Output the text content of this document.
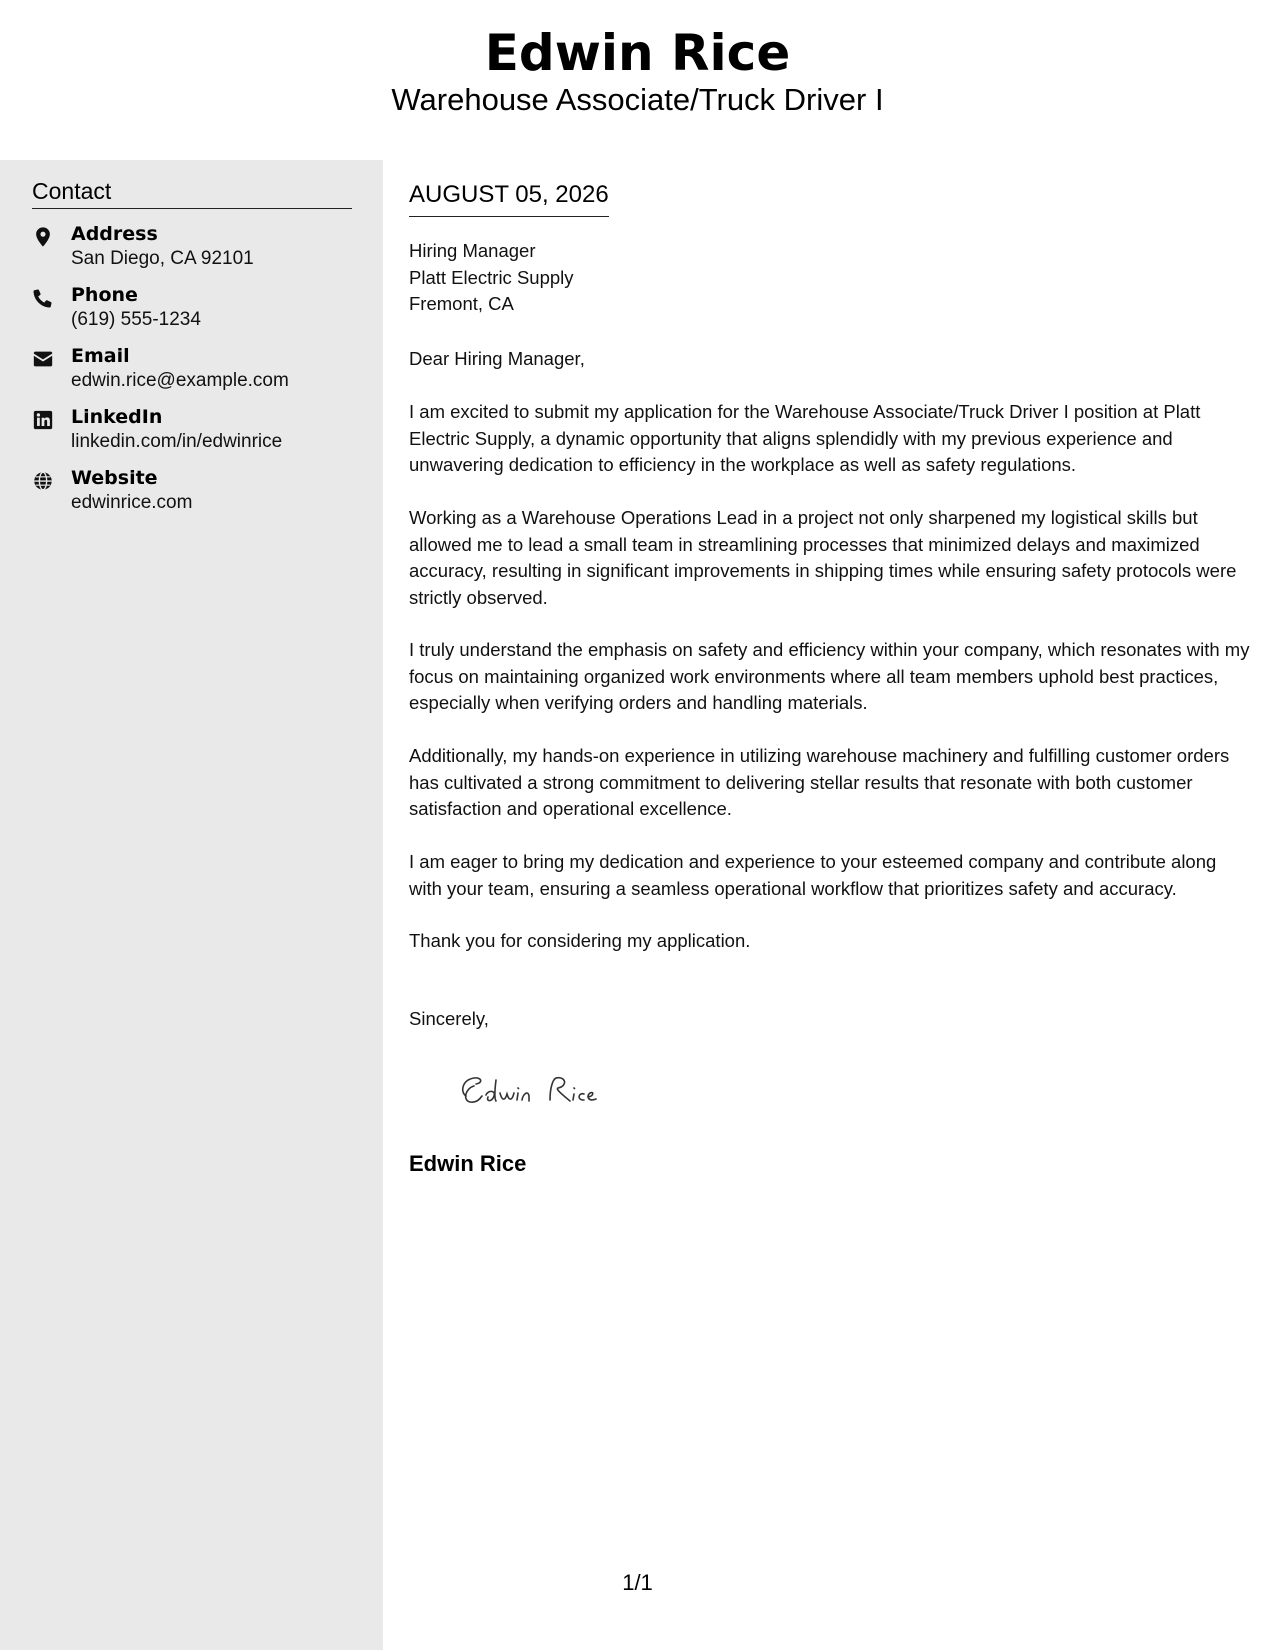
Edwin Rice
Warehouse Associate/Truck Driver I
Contact
Address
San Diego, CA 92101
Phone
(619) 555-1234
Email
edwin.rice@example.com
LinkedIn
linkedin.com/in/edwinrice
Website
edwinrice.com
AUGUST 05, 2026
Hiring Manager
Platt Electric Supply
Fremont, CA
Dear Hiring Manager,
I am excited to submit my application for the Warehouse Associate/Truck Driver I position at Platt Electric Supply, a dynamic opportunity that aligns splendidly with my previous experience and unwavering dedication to efficiency in the workplace as well as safety regulations.
Working as a Warehouse Operations Lead in a project not only sharpened my logistical skills but allowed me to lead a small team in streamlining processes that minimized delays and maximized accuracy, resulting in significant improvements in shipping times while ensuring safety protocols were strictly observed.
I truly understand the emphasis on safety and efficiency within your company, which resonates with my focus on maintaining organized work environments where all team members uphold best practices, especially when verifying orders and handling materials.
Additionally, my hands-on experience in utilizing warehouse machinery and fulfilling customer orders has cultivated a strong commitment to delivering stellar results that resonate with both customer satisfaction and operational excellence.
I am eager to bring my dedication and experience to your esteemed company and contribute along with your team, ensuring a seamless operational workflow that prioritizes safety and accuracy.
Thank you for considering my application.
Sincerely,
Edwin Rice
1/1
